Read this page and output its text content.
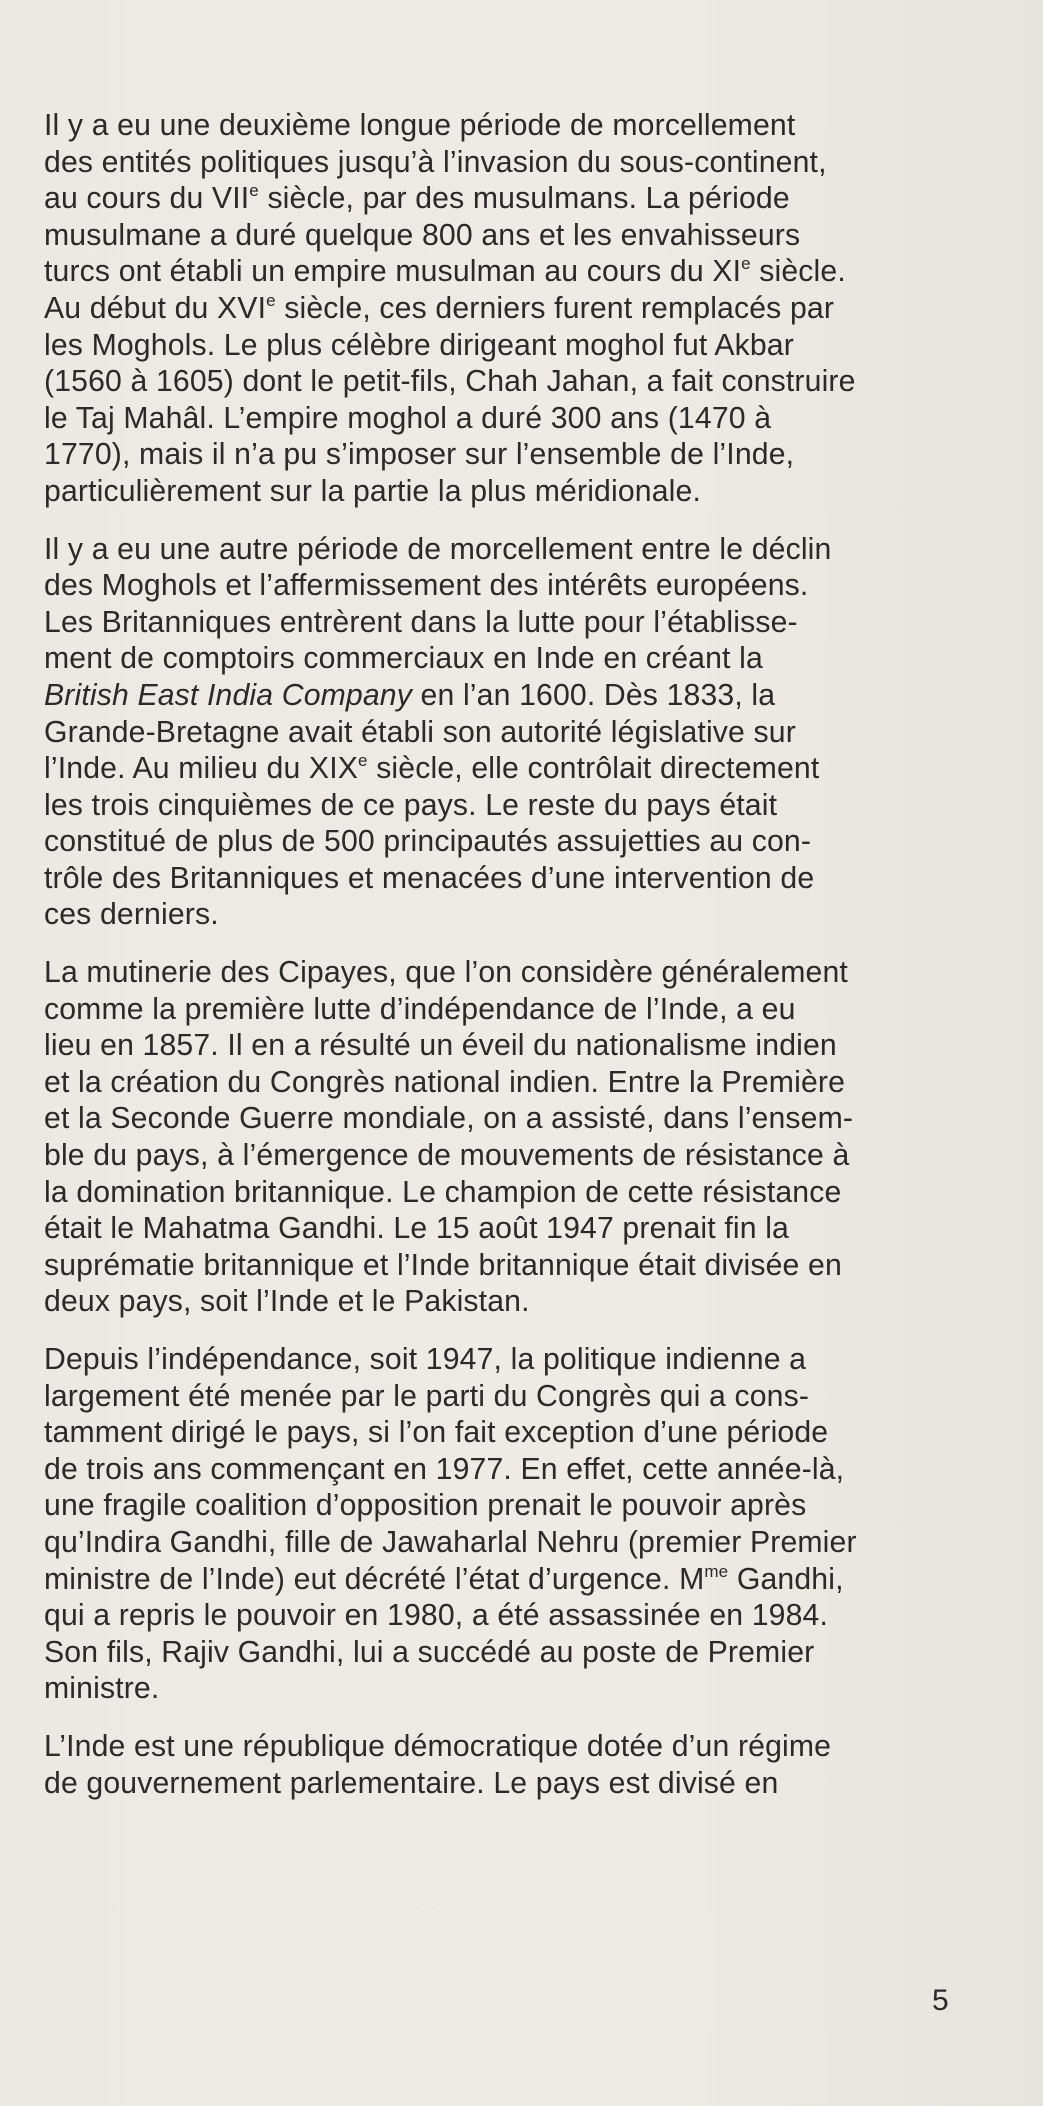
Il y a eu une deuxième longue période de morcellement
des entités politiques jusqu’à l’invasion du sous-continent,
au cours du VIIe siècle, par des musulmans. La période
musulmane a duré quelque 800 ans et les envahisseurs
turcs ont établi un empire musulman au cours du XIe siècle.
Au début du XVIe siècle, ces derniers furent remplacés par
les Moghols. Le plus célèbre dirigeant moghol fut Akbar
(1560 à 1605) dont le petit-fils, Chah Jahan, a fait construire
le Taj Mahâl. L’empire moghol a duré 300 ans (1470 à
1770), mais il n’a pu s’imposer sur l’ensemble de l’Inde,
particulièrement sur la partie la plus méridionale.
Il y a eu une autre période de morcellement entre le déclin
des Moghols et l’affermissement des intérêts européens.
Les Britanniques entrèrent dans la lutte pour l’établisse-
ment de comptoirs commerciaux en Inde en créant la
British East India Company en l’an 1600. Dès 1833, la
Grande-Bretagne avait établi son autorité législative sur
l’Inde. Au milieu du XIXe siècle, elle contrôlait directement
les trois cinquièmes de ce pays. Le reste du pays était
constitué de plus de 500 principautés assujetties au con-
trôle des Britanniques et menacées d’une intervention de
ces derniers.
La mutinerie des Cipayes, que l’on considère généralement
comme la première lutte d’indépendance de l’Inde, a eu
lieu en 1857. Il en a résulté un éveil du nationalisme indien
et la création du Congrès national indien. Entre la Première
et la Seconde Guerre mondiale, on a assisté, dans l’ensem-
ble du pays, à l’émergence de mouvements de résistance à
la domination britannique. Le champion de cette résistance
était le Mahatma Gandhi. Le 15 août 1947 prenait fin la
suprématie britannique et l’Inde britannique était divisée en
deux pays, soit l’Inde et le Pakistan.
Depuis l’indépendance, soit 1947, la politique indienne a
largement été menée par le parti du Congrès qui a cons-
tamment dirigé le pays, si l’on fait exception d’une période
de trois ans commençant en 1977. En effet, cette année-là,
une fragile coalition d’opposition prenait le pouvoir après
qu’Indira Gandhi, fille de Jawaharlal Nehru (premier Premier
ministre de l’Inde) eut décrété l’état d’urgence. $M^{me}$ Gandhi,
qui a repris le pouvoir en 1980, a été assassinée en 1984.
Son fils, Rajiv Gandhi, lui a succédé au poste de Premier
ministre.
L’Inde est une république démocratique dotée d’un régime
de gouvernement parlementaire. Le pays est divisé en
5
